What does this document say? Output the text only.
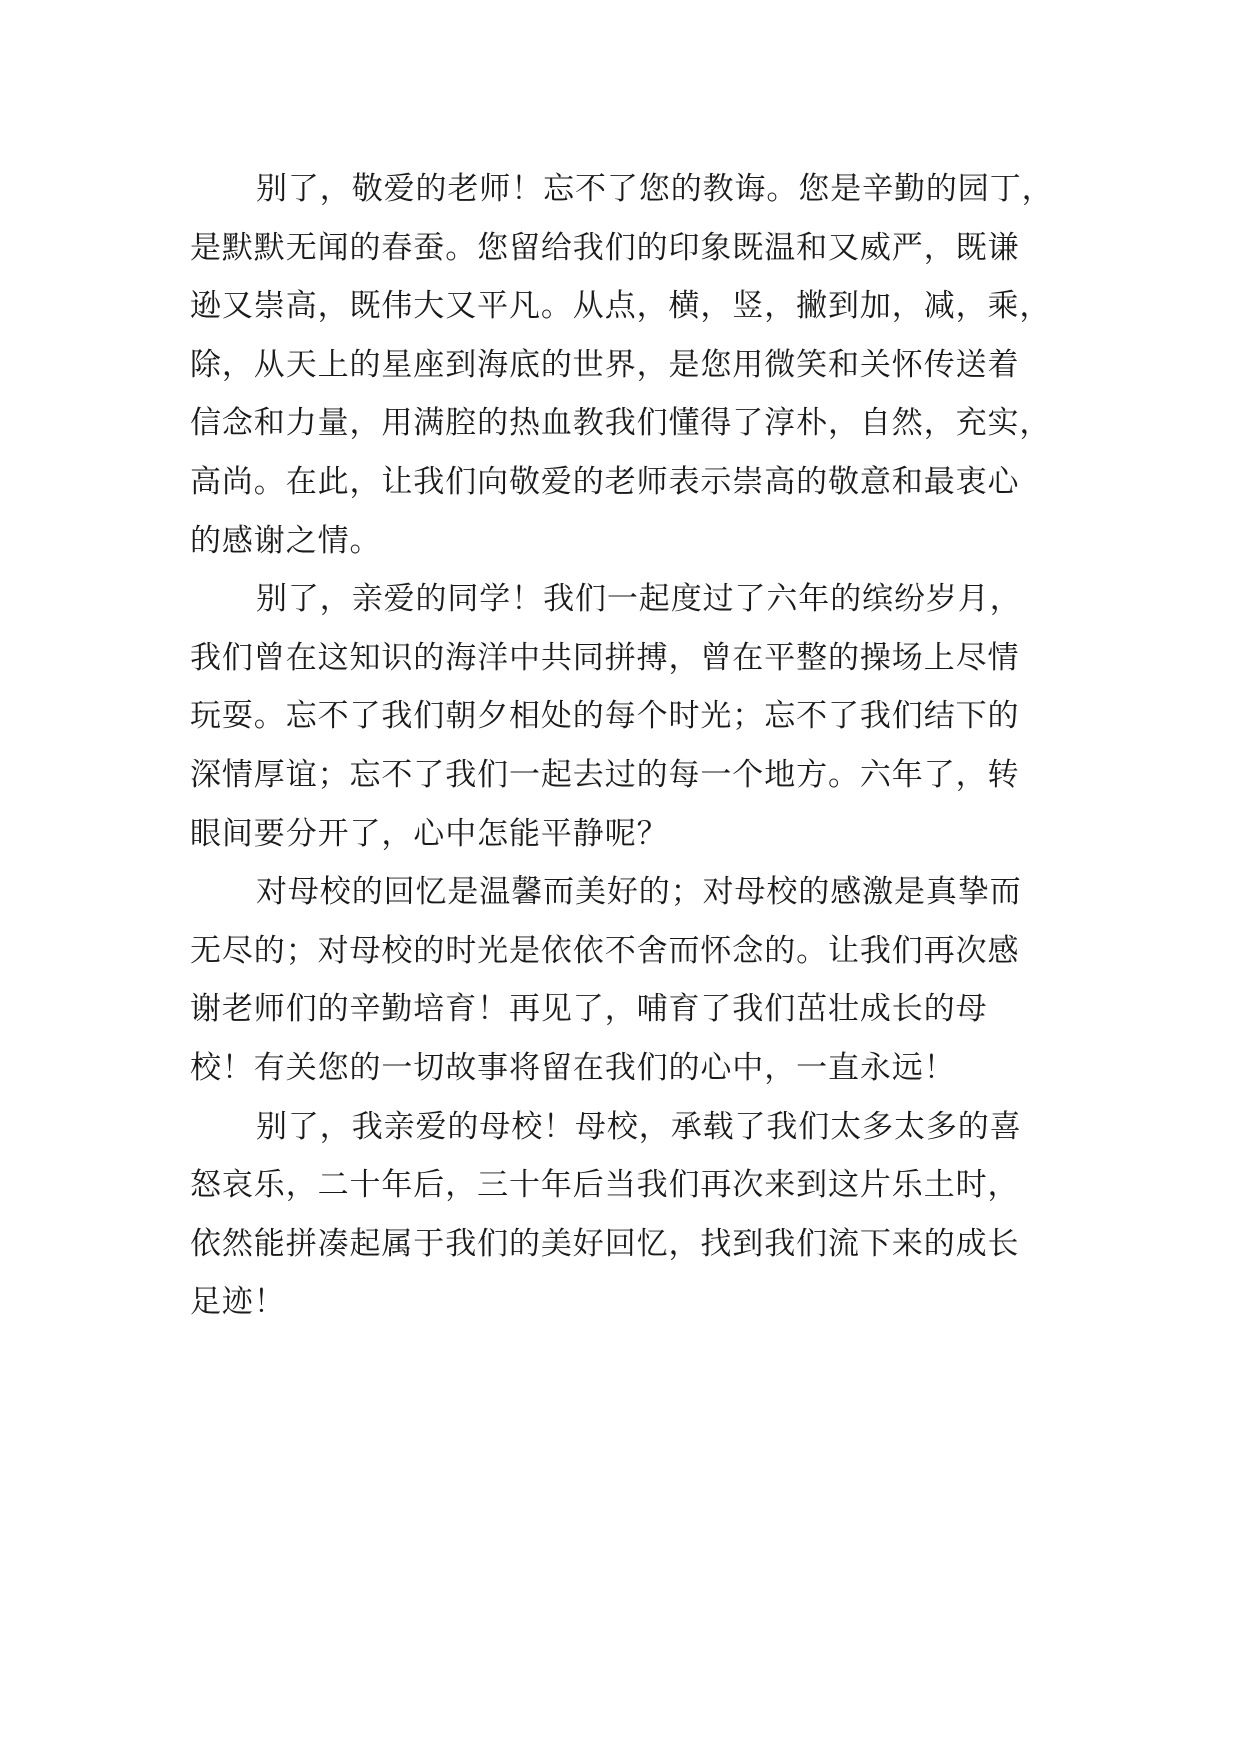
别了，敬爱的老师！忘不了您的教诲。您是辛勤的园丁，
是默默无闻的春蚕。您留给我们的印象既温和又威严，既谦
逊又崇高，既伟大又平凡。从点，横，竖，撇到加，减，乘，
除，从天上的星座到海底的世界，是您用微笑和关怀传送着
信念和力量，用满腔的热血教我们懂得了淳朴，自然，充实，
高尚。在此，让我们向敬爱的老师表示崇高的敬意和最衷心
的感谢之情。
别了，亲爱的同学！我们一起度过了六年的缤纷岁月，
我们曾在这知识的海洋中共同拼搏，曾在平整的操场上尽情
玩耍。忘不了我们朝夕相处的每个时光；忘不了我们结下的
深情厚谊；忘不了我们一起去过的每一个地方。六年了，转
眼间要分开了，心中怎能平静呢？
对母校的回忆是温馨而美好的；对母校的感激是真挚而
无尽的；对母校的时光是依依不舍而怀念的。让我们再次感
谢老师们的辛勤培育！再见了，哺育了我们茁壮成长的母
校！有关您的一切故事将留在我们的心中，一直永远！
别了，我亲爱的母校！母校，承载了我们太多太多的喜
怒哀乐，二十年后，三十年后当我们再次来到这片乐土时，
依然能拼凑起属于我们的美好回忆，找到我们流下来的成长
足迹！
